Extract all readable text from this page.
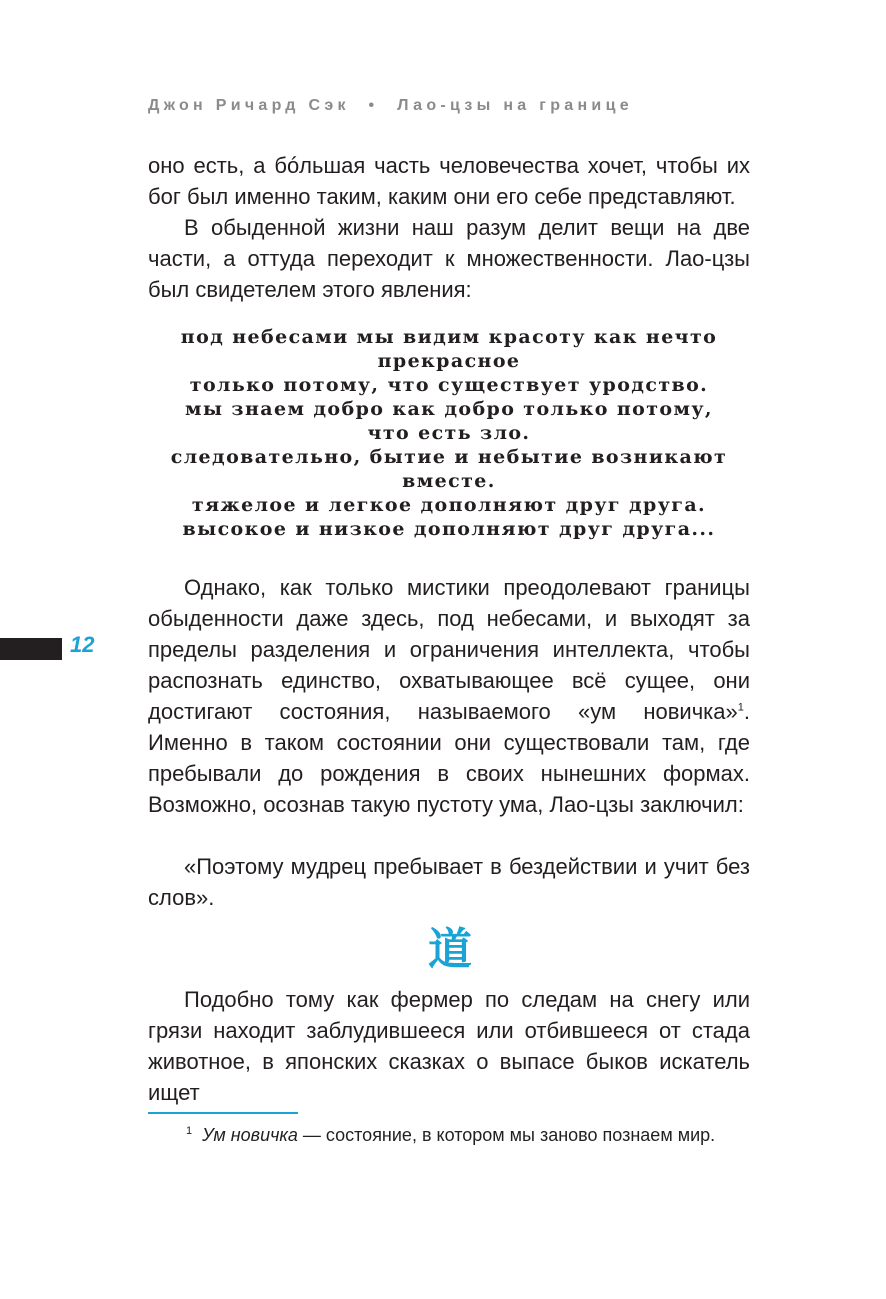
Джон Ричард Сэк • Лао-цзы на границе

оно есть, а бóльшая часть человечества хочет, чтобы их бог был именно таким, каким они его себе представляют.

В обыденной жизни наш разум делит вещи на две части, а оттуда переходит к множественности. Лао-цзы был свидетелем этого явления:

под небесами мы видим красоту как нечто прекрасное
только потому, что существует уродство.
мы знаем добро как добро только потому,
что есть зло.
следовательно, бытие и небытие возникают вместе.
тяжелое и легкое дополняют друг друга.
высокое и низкое дополняют друг друга...
12

Однако, как только мистики преодолевают границы обыденности даже здесь, под небесами, и выходят за пределы разделения и ограничения интеллекта, чтобы распознать единство, охватывающее всё сущее, они достигают состояния, называемого «ум новичка»$^1$. Именно в таком состоянии они существовали там, где пребывали до рождения в своих нынешних формах. Возможно, осознав такую пустоту ума, Лао-цзы заключил:

«Поэтому мудрец пребывает в бездействии и учит без слов».

道

Подобно тому как фермер по следам на снегу или грязи находит заблудившееся или отбившееся от стада животное, в японских сказках о выпасе быков искатель ищет

$^1$ Ум новичка — состояние, в котором мы заново познаем мир.
